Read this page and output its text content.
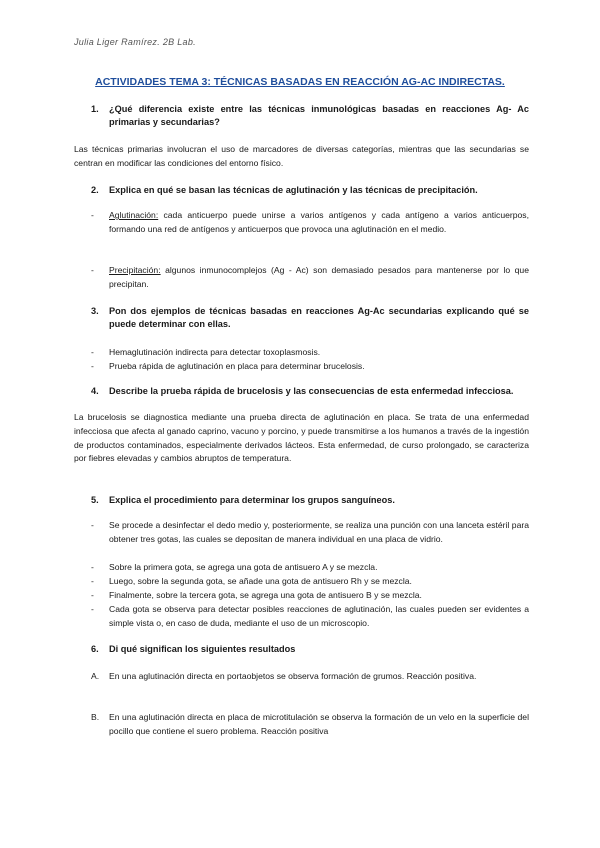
Julia Liger Ramírez. 2B Lab.
ACTIVIDADES TEMA 3: TÉCNICAS BASADAS EN REACCIÓN AG-AC INDIRECTAS.
1. ¿Qué diferencia existe entre las técnicas inmunológicas basadas en reacciones Ag- Ac primarias y secundarias?
Las técnicas primarias involucran el uso de marcadores de diversas categorías, mientras que las secundarias se centran en modificar las condiciones del entorno físico.
2. Explica en qué se basan las técnicas de aglutinación y las técnicas de precipitación.
- Aglutinación: cada anticuerpo puede unirse a varios antígenos y cada antígeno a varios anticuerpos, formando una red de antígenos y anticuerpos que provoca una aglutinación en el medio.
- Precipitación: algunos inmunocomplejos (Ag - Ac) son demasiado pesados para mantenerse por lo que precipitan.
3. Pon dos ejemplos de técnicas basadas en reacciones Ag-Ac secundarias explicando qué se puede determinar con ellas.
- Hemaglutinación indirecta para detectar toxoplasmosis.
- Prueba rápida de aglutinación en placa para determinar brucelosis.
4. Describe la prueba rápida de brucelosis y las consecuencias de esta enfermedad infecciosa.
La brucelosis se diagnostica mediante una prueba directa de aglutinación en placa. Se trata de una enfermedad infecciosa que afecta al ganado caprino, vacuno y porcino, y puede transmitirse a los humanos a través de la ingestión de productos contaminados, especialmente derivados lácteos. Esta enfermedad, de curso prolongado, se caracteriza por fiebres elevadas y cambios abruptos de temperatura.
5. Explica el procedimiento para determinar los grupos sanguíneos.
- Se procede a desinfectar el dedo medio y, posteriormente, se realiza una punción con una lanceta estéril para obtener tres gotas, las cuales se depositan de manera individual en una placa de vidrio.
- Sobre la primera gota, se agrega una gota de antisuero A y se mezcla.
- Luego, sobre la segunda gota, se añade una gota de antisuero Rh y se mezcla.
- Finalmente, sobre la tercera gota, se agrega una gota de antisuero B y se mezcla.
- Cada gota se observa para detectar posibles reacciones de aglutinación, las cuales pueden ser evidentes a simple vista o, en caso de duda, mediante el uso de un microscopio.
6. Di qué significan los siguientes resultados
A. En una aglutinación directa en portaobjetos se observa formación de grumos. Reacción positiva.
B. En una aglutinación directa en placa de microtitulación se observa la formación de un velo en la superficie del pocillo que contiene el suero problema. Reacción positiva
